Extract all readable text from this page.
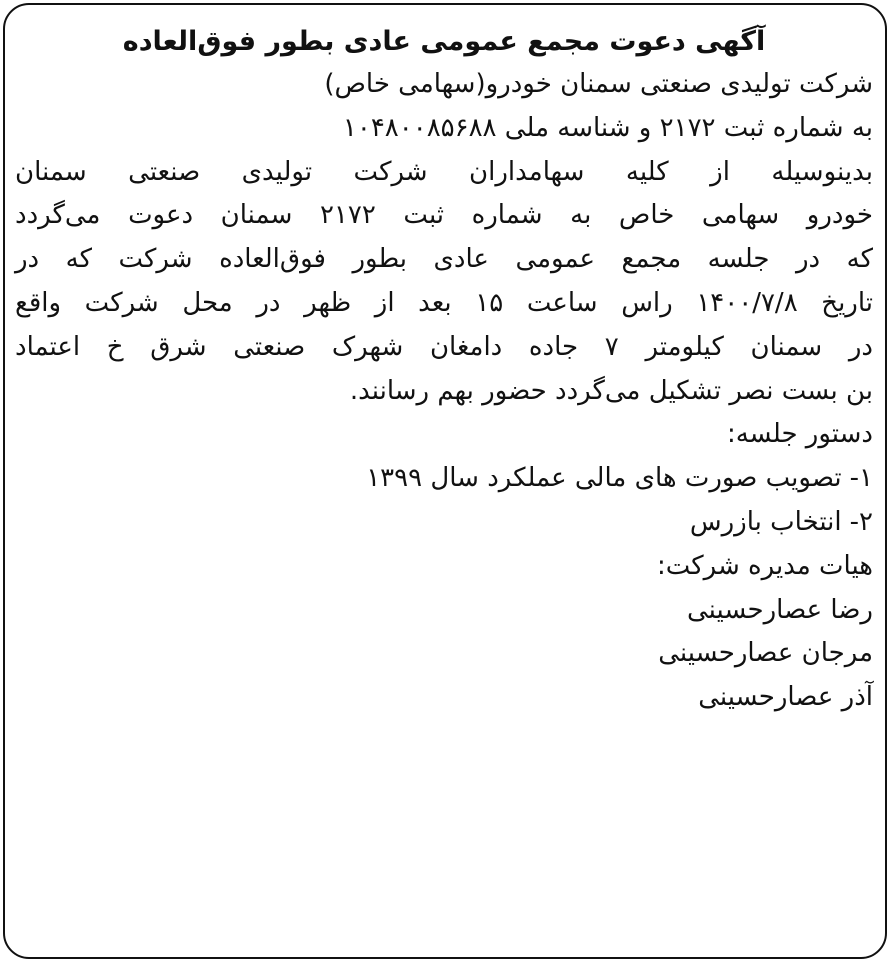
آگهی دعوت مجمع عمومی عادی بطور فوق‌العاده
شرکت تولیدی صنعتی سمنان خودرو(سهامی خاص)
به شماره ثبت ۲۱۷۲ و شناسه ملی ۱۰۴۸۰۰۸۵۶۸۸
بدینوسیله از کلیه سهامداران شرکت تولیدی صنعتی سمنان
خودرو سهامی خاص به شماره ثبت ۲۱۷۲ سمنان دعوت می‌گردد
که در جلسه مجمع عمومی عادی بطور فوق‌العاده شرکت که در
تاریخ ۱۴۰۰/۷/۸ راس ساعت ۱۵ بعد از ظهر در محل شرکت واقع
در سمنان کیلومتر ۷ جاده دامغان شهرک صنعتی شرق خ اعتماد
بن بست نصر تشکیل می‌گردد حضور بهم رسانند.
دستور جلسه:
۱-تصویب صورت های مالی عملکرد سال ۱۳۹۹
۲-انتخاب بازرس
هیات مدیره شرکت:
رضا عصارحسینی
مرجان عصارحسینی
آذر عصارحسینی
